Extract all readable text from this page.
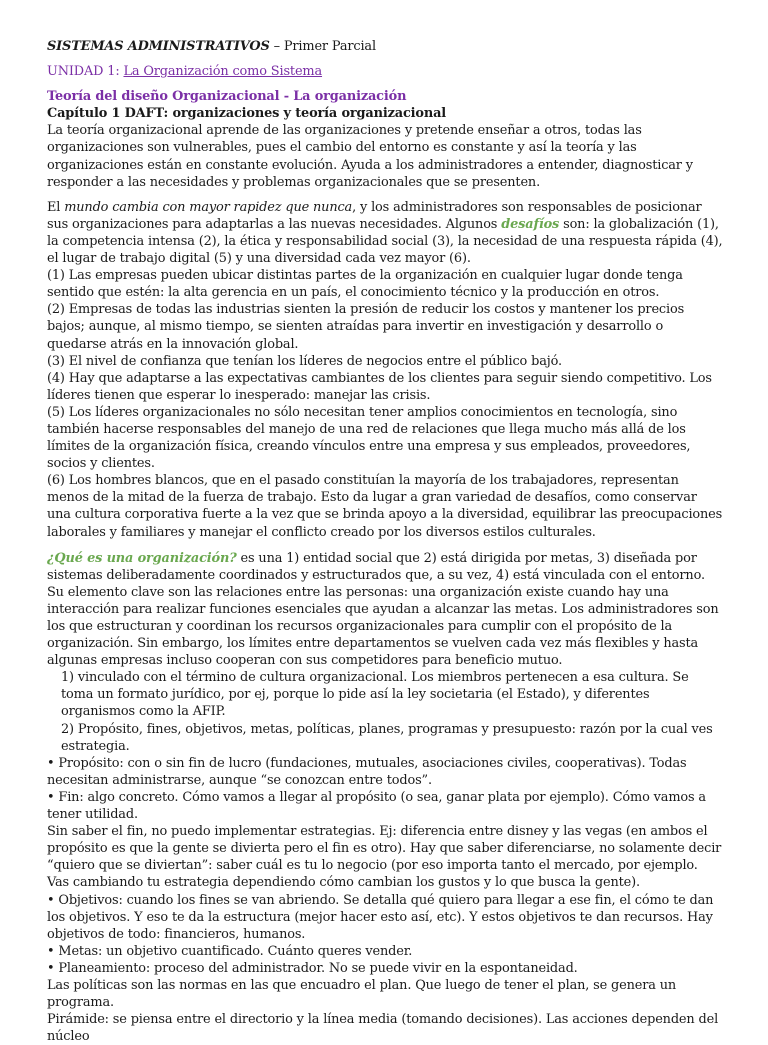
SISTEMAS ADMINISTRATIVOS – Primer Parcial

UNIDAD 1: La Organización como Sistema

Teoría del diseño Organizacional - La organización

Capítulo 1 DAFT: organizaciones y teoría organizacional

La teoría organizacional aprende de las organizaciones y pretende enseñar a otros, todas las organizaciones son vulnerables, pues el cambio del entorno es constante y así la teoría y las organizaciones están en constante evolución. Ayuda a los administradores a entender, diagnosticar y responder a las necesidades y problemas organizacionales que se presenten.

El mundo cambia con mayor rapidez que nunca, y los administradores son responsables de posicionar sus organizaciones para adaptarlas a las nuevas necesidades. Algunos desafíos son: la globalización (1), la competencia intensa (2), la ética y responsabilidad social (3), la necesidad de una respuesta rápida (4), el lugar de trabajo digital (5) y una diversidad cada vez mayor (6).

(1) Las empresas pueden ubicar distintas partes de la organización en cualquier lugar donde tenga sentido que estén: la alta gerencia en un país, el conocimiento técnico y la producción en otros.

(2) Empresas de todas las industrias sienten la presión de reducir los costos y mantener los precios bajos; aunque, al mismo tiempo, se sienten atraídas para invertir en investigación y desarrollo o quedarse atrás en la innovación global.

(3) El nivel de confianza que tenían los líderes de negocios entre el público bajó.

(4) Hay que adaptarse a las expectativas cambiantes de los clientes para seguir siendo competitivo. Los líderes tienen que esperar lo inesperado: manejar las crisis.

(5) Los líderes organizacionales no sólo necesitan tener amplios conocimientos en tecnología, sino también hacerse responsables del manejo de una red de relaciones que llega mucho más allá de los límites de la organización física, creando vínculos entre una empresa y sus empleados, proveedores, socios y clientes.

(6) Los hombres blancos, que en el pasado constituían la mayoría de los trabajadores, representan menos de la mitad de la fuerza de trabajo. Esto da lugar a gran variedad de desafíos, como conservar una cultura corporativa fuerte a la vez que se brinda apoyo a la diversidad, equilibrar las preocupaciones laborales y familiares y manejar el conflicto creado por los diversos estilos culturales.

¿Qué es una organización? es una 1) entidad social que 2) está dirigida por metas, 3) diseñada por sistemas deliberadamente coordinados y estructurados que, a su vez, 4) está vinculada con el entorno. Su elemento clave son las relaciones entre las personas: una organización existe cuando hay una interacción para realizar funciones esenciales que ayudan a alcanzar las metas. Los administradores son los que estructuran y coordinan los recursos organizacionales para cumplir con el propósito de la organización. Sin embargo, los límites entre departamentos se vuelven cada vez más flexibles y hasta algunas empresas incluso cooperan con sus competidores para beneficio mutuo.

1) vinculado con el término de cultura organizacional. Los miembros pertenecen a esa cultura. Se toma un formato jurídico, por ej, porque lo pide así la ley societaria (el Estado), y diferentes organismos como la AFIP.

2) Propósito, fines, objetivos, metas, políticas, planes, programas y presupuesto: razón por la cual ves estrategia.

• Propósito: con o sin fin de lucro (fundaciones, mutuales, asociaciones civiles, cooperativas). Todas necesitan administrarse, aunque “se conozcan entre todos”.

• Fin: algo concreto. Cómo vamos a llegar al propósito (o sea, ganar plata por ejemplo). Cómo vamos a tener utilidad.

Sin saber el fin, no puedo implementar estrategias. Ej: diferencia entre disney y las vegas (en ambos el propósito es que la gente se divierta pero el fin es otro). Hay que saber diferenciarse, no solamente decir “quiero que se diviertan”: saber cuál es tu lo negocio (por eso importa tanto el mercado, por ejemplo. Vas cambiando tu estrategia dependiendo cómo cambian los gustos y lo que busca la gente).

• Objetivos: cuando los fines se van abriendo. Se detalla qué quiero para llegar a ese fin, el cómo te dan los objetivos. Y eso te da la estructura (mejor hacer esto así, etc). Y estos objetivos te dan recursos. Hay objetivos de todo: financieros, humanos.

• Metas: un objetivo cuantificado. Cuánto queres vender.

• Planeamiento: proceso del administrador. No se puede vivir en la espontaneidad.

Las políticas son las normas en las que encuadro el plan. Que luego de tener el plan, se genera un programa.

Pirámide: se piensa entre el directorio y la línea media (tomando decisiones). Las acciones dependen del núcleo
